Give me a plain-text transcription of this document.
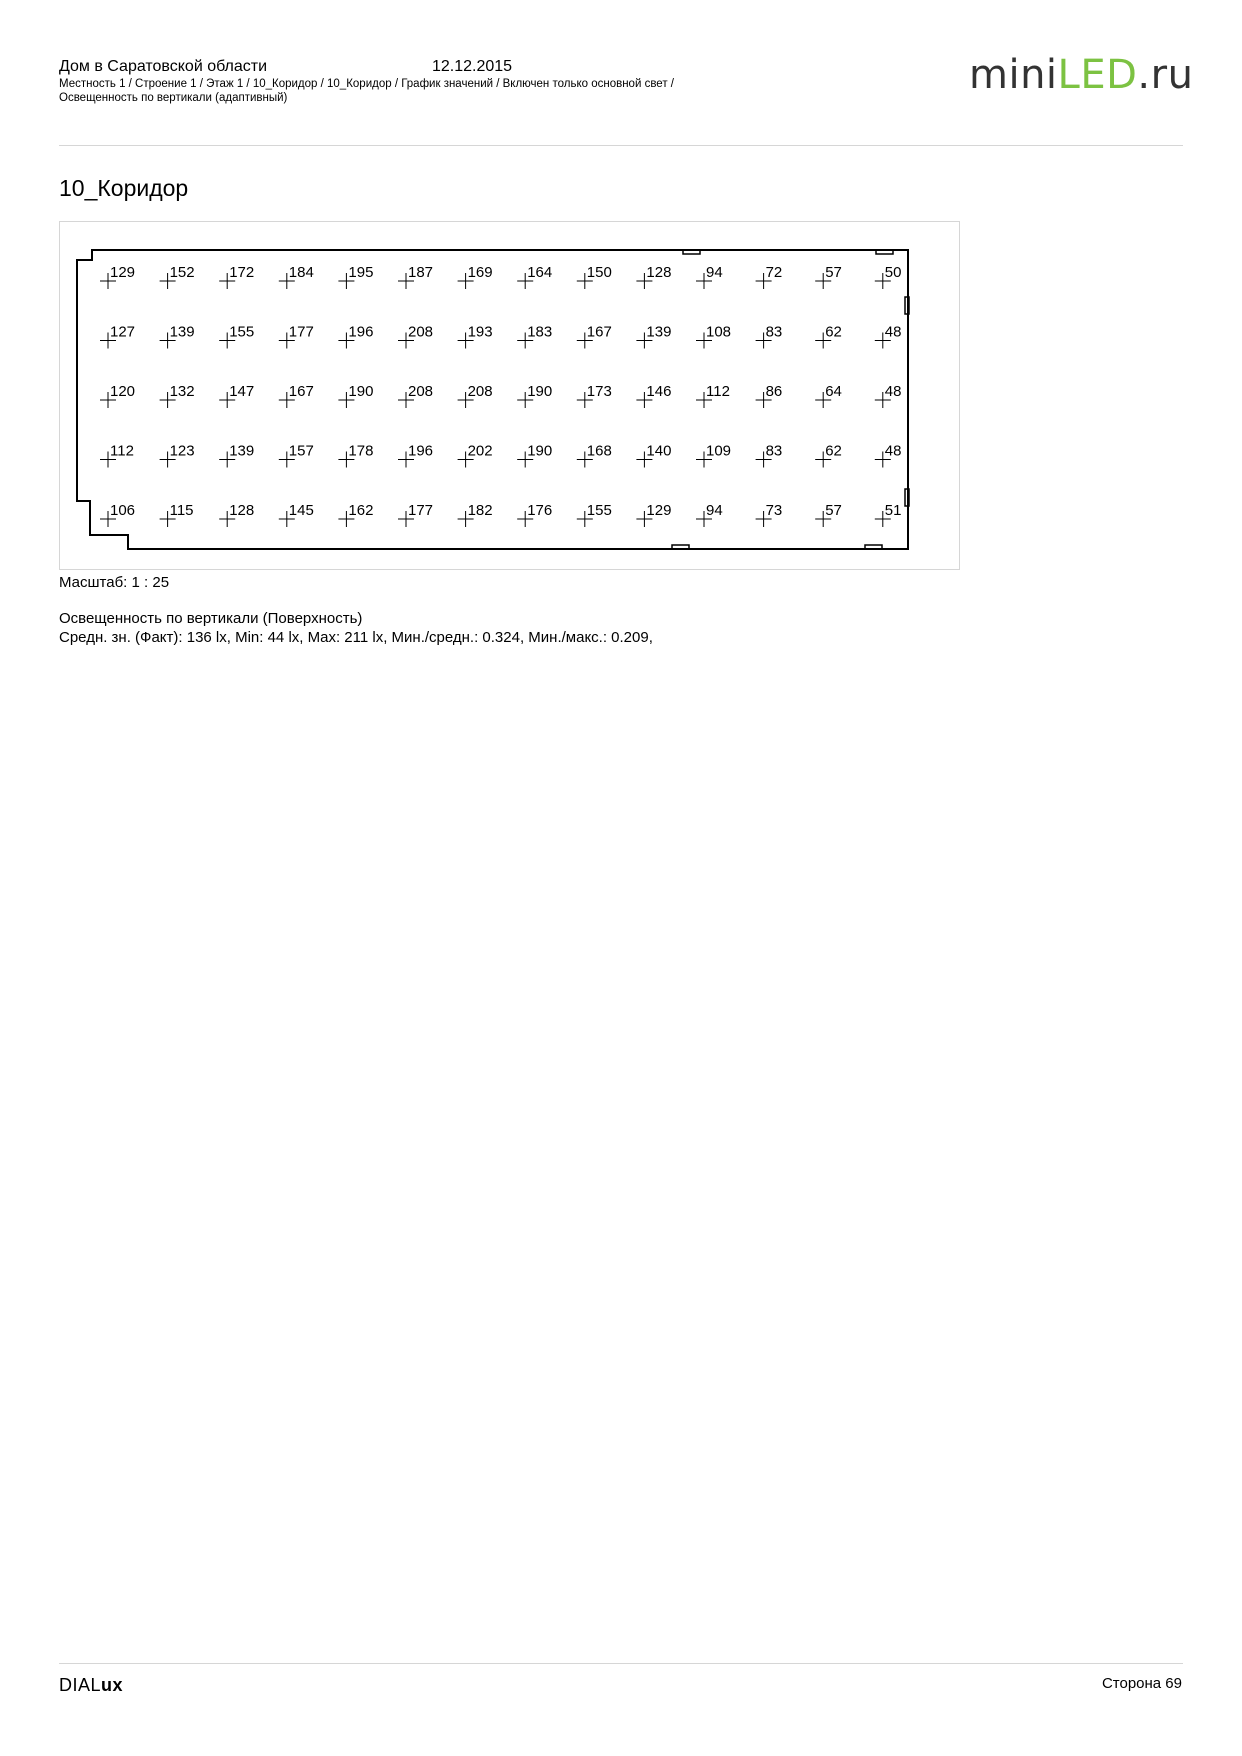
Дом в Саратовской области	12.12.2015
Местность 1 / Строение 1 / Этаж 1 / 10_Коридор / 10_Коридор / График значений / Включен только основной свет /
Освещенность по вертикали (адаптивный)	miniLED.ru
10_Коридор
129 152 172 184 195 187 169 164 150 128 94	72	57	50
127 139 155 177 196 208 193 183 167 139 108 83	62	48
120 132 147 167 190 208 208 190 173 146 112 86	64	48
112 123 139 157 178 196 202 190 168 140 109 83	62	48
106 115 128 145 162 177 182 176 155 129 94	73	57	51
Масштаб: 1 : 25
Освещенность по вертикали (Поверхность)
Средн. зн. (Факт): 136 lx, Min: 44 lx, Max: 211 lx, Мин./средн.: 0.324, Мин./макс.: 0.209,
DIALux	Сторона 69
